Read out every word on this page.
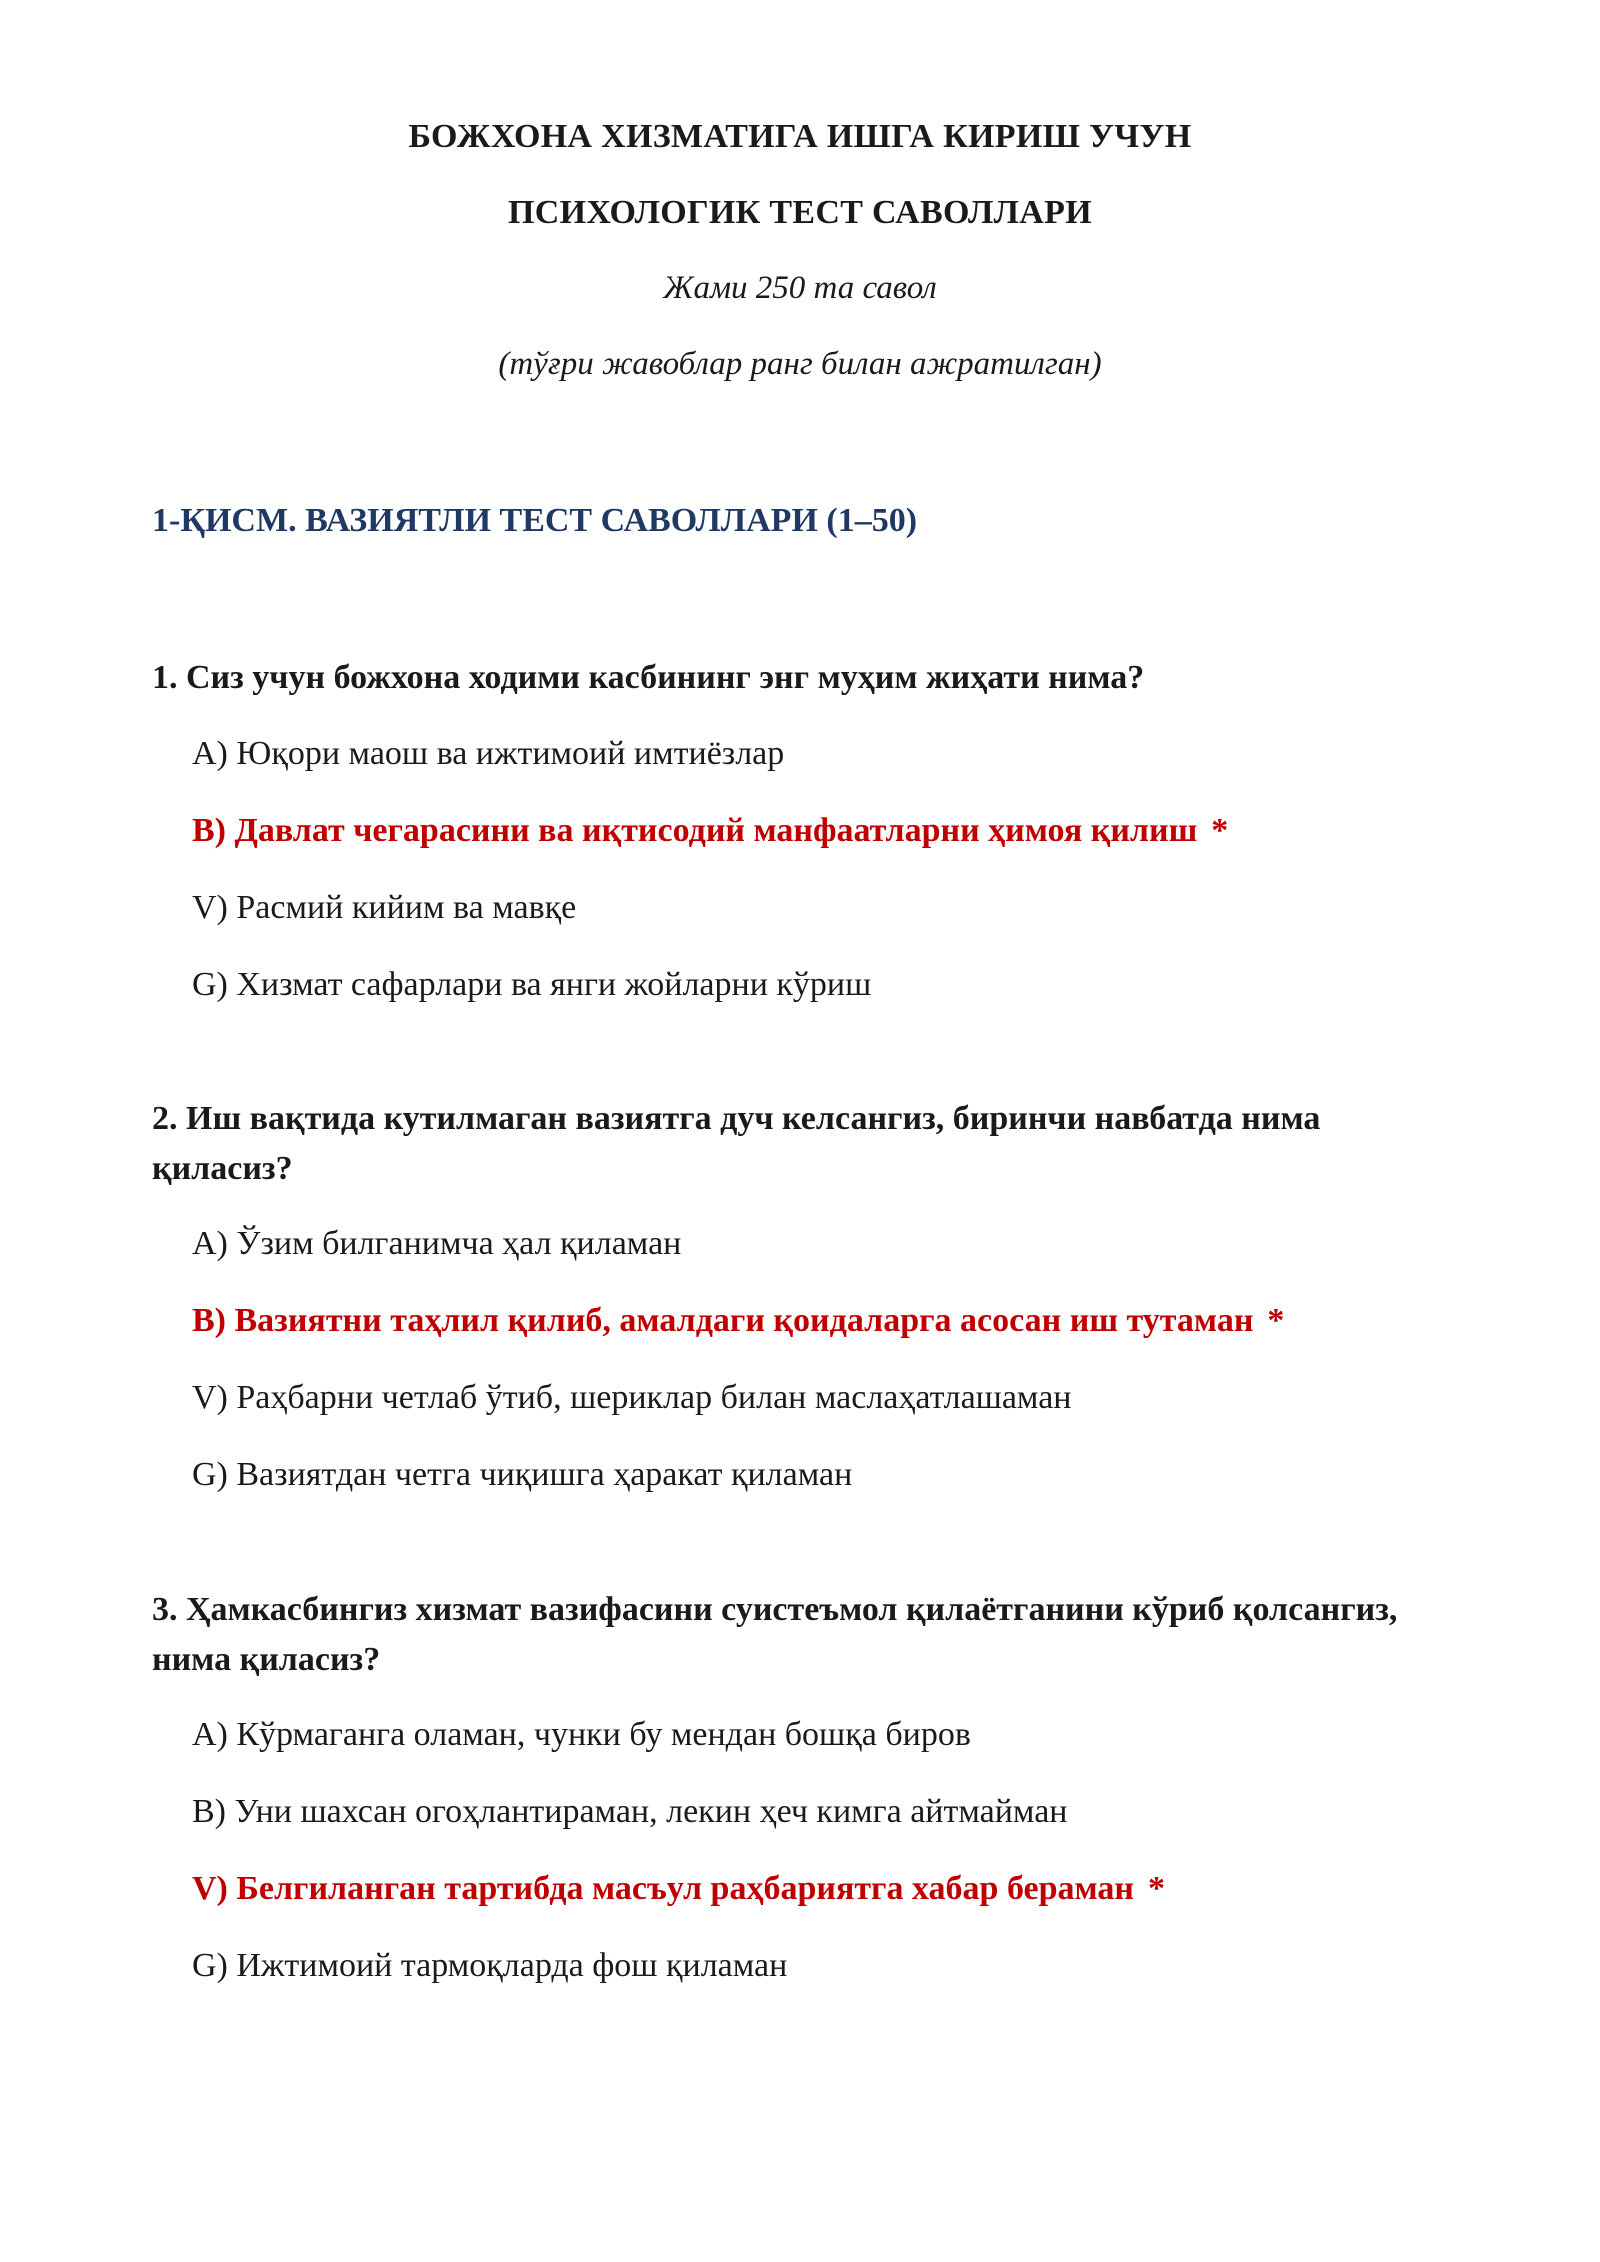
БОЖХОНА ХИЗМАТИГА ИШГА КИРИШ УЧУН
ПСИХОЛОГИК ТЕСТ САВОЛЛАРИ
Жами 250 та савол
(тўғри жавоблар ранг билан ажратилган)
1-ҚИСМ. ВАЗИЯТЛИ ТЕСТ САВОЛЛАРИ (1–50)
1. Сиз учун божхона ходими касбининг энг муҳим жиҳати нима?
A) Юқори маош ва ижтимоий имтиёзлар
B) Давлат чегарасини ва иқтисодий манфаатларни ҳимоя қилиш *
V) Расмий кийим ва мавқе
G) Хизмат сафарлари ва янги жойларни кўриш
2. Иш вақтида кутилмаган вазиятга дуч келсангиз, биринчи навбатда нима қиласиз?
A) Ўзим билганимча ҳал қиламан
B) Вазиятни таҳлил қилиб, амалдаги қоидаларга асосан иш тутаман *
V) Раҳбарни четлаб ўтиб, шериклар билан маслаҳатлашаман
G) Вазиятдан четга чиқишга ҳаракат қиламан
3. Ҳамкасбингиз хизмат вазифасини суистеъмол қилаётганини кўриб қолсангиз, нима қиласиз?
A) Кўрмаганга оламан, чунки бу мендан бошқа биров
B) Уни шахсан огоҳлантираман, лекин ҳеч кимга айтмайман
V) Белгиланган тартибда масъул раҳбариятга хабар бераман *
G) Ижтимоий тармоқларда фош қиламан
